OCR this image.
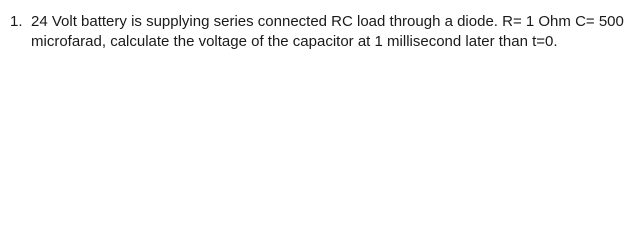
1. 24 Volt battery is supplying series connected RC load through a diode. R= 1 Ohm C= 500
microfarad, calculate the voltage of the capacitor at 1 millisecond later than t=0.
